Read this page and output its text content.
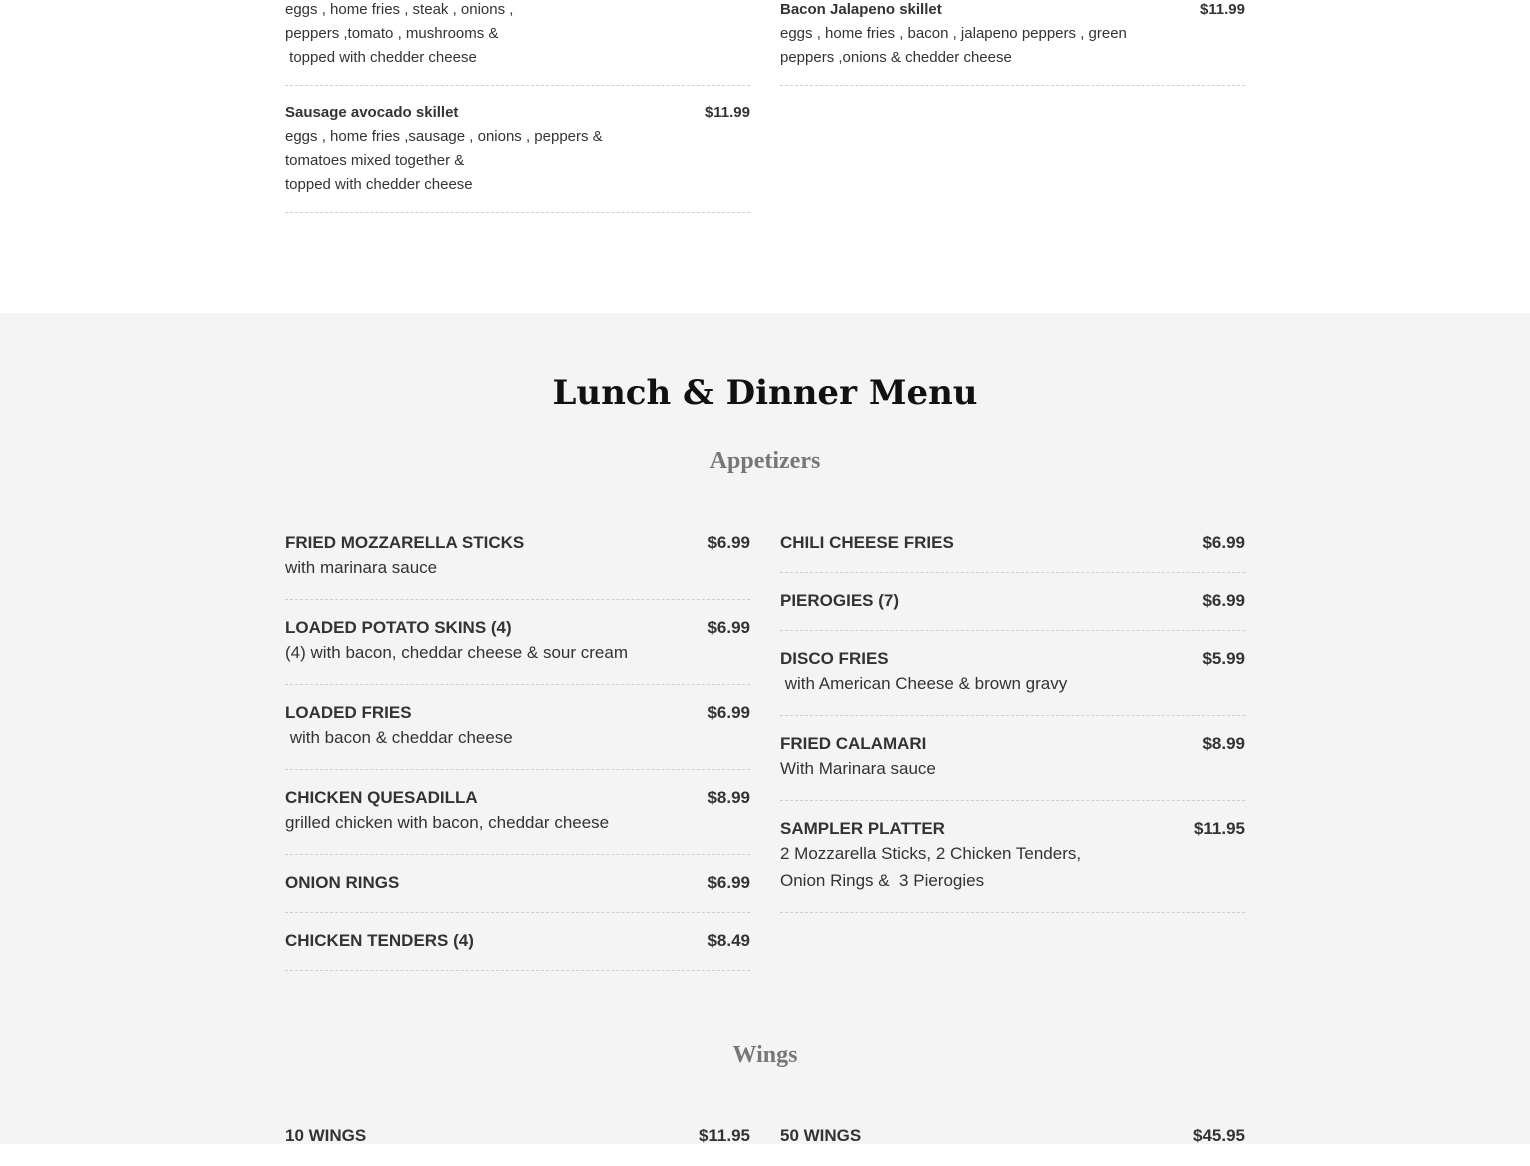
eggs , home fries , steak , onions ,
peppers ,tomato , mushrooms &
topped with chedder cheese
Bacon Jalapeno skillet	$11.99
eggs , home fries , bacon , jalapeno peppers , green
peppers ,onions & chedder cheese
Sausage avocado skillet	$11.99
eggs , home fries ,sausage , onions , peppers &
tomatoes mixed together &
topped with chedder cheese
Lunch & Dinner Menu
Appetizers
FRIED MOZZARELLA STICKS	$6.99
with marinara sauce
LOADED POTATO SKINS (4)	$6.99
(4) with bacon, cheddar cheese & sour cream
LOADED FRIES	$6.99
with bacon & cheddar cheese
CHICKEN QUESADILLA	$8.99
grilled chicken with bacon, cheddar cheese
ONION RINGS	$6.99
CHICKEN TENDERS (4)	$8.49
CHILI CHEESE FRIES	$6.99
PIEROGIES (7)	$6.99
DISCO FRIES	$5.99
with American Cheese & brown gravy
FRIED CALAMARI	$8.99
With Marinara sauce
SAMPLER PLATTER	$11.95
2 Mozzarella Sticks, 2 Chicken Tenders,
Onion Rings &  3 Pierogies
Wings
10 WINGS	$11.95 50 WINGS	$45.95
